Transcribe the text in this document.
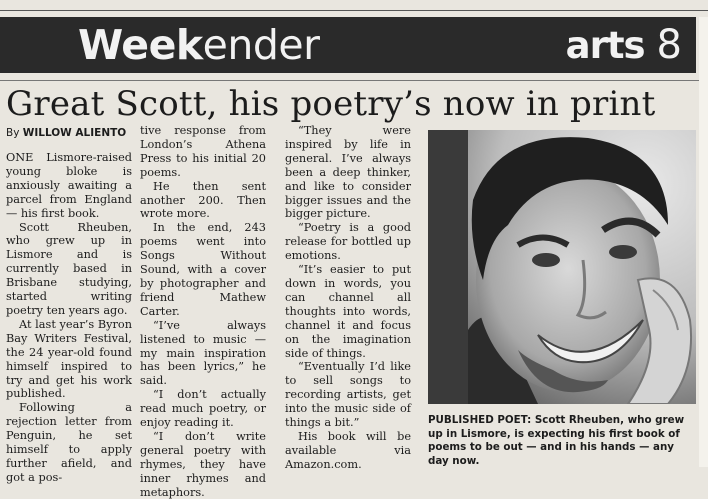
Weekender	arts 8
Great Scott, his poetry’s now in print
By WILLOW ALIENTO

ONE Lismore-raised young bloke is anxiously awaiting a parcel from England — his first book.

Scott Rheuben, who grew up in Lismore and is currently based in Brisbane studying, started writing poetry ten years ago.

At last year’s Byron Bay Writers Festival, the 24 year-old found himself inspired to try and get his work published.

Following a rejection letter from Penguin, he set himself to apply further afield, and got a pos-

tive response from London’s Athena Press to his initial 20 poems.

He then sent another 200. Then wrote more.

In the end, 243 poems went into Songs Without Sound, with a cover by photographer and friend Mathew Carter.

“I’ve always listened to music — my main inspiration has been lyrics,” he said.

“I don’t actually read much poetry, or enjoy reading it.

“I don’t write general poetry with rhymes, they have inner rhymes and metaphors.

“They were inspired by life in general. I’ve always been a deep thinker, and like to consider bigger issues and the bigger picture.

“Poetry is a good release for bottled up emotions.

“It’s easier to put down in words, you can channel all thoughts into words, channel it and focus on the imagination side of things.

“Eventually I’d like to sell songs to recording artists, get into the music side of things a bit.”

His book will be available via Amazon.com.

PUBLISHED POET: Scott Rheuben, who grew up in Lismore, is expecting his first book of poems to be out — and in his hands — any day now.
